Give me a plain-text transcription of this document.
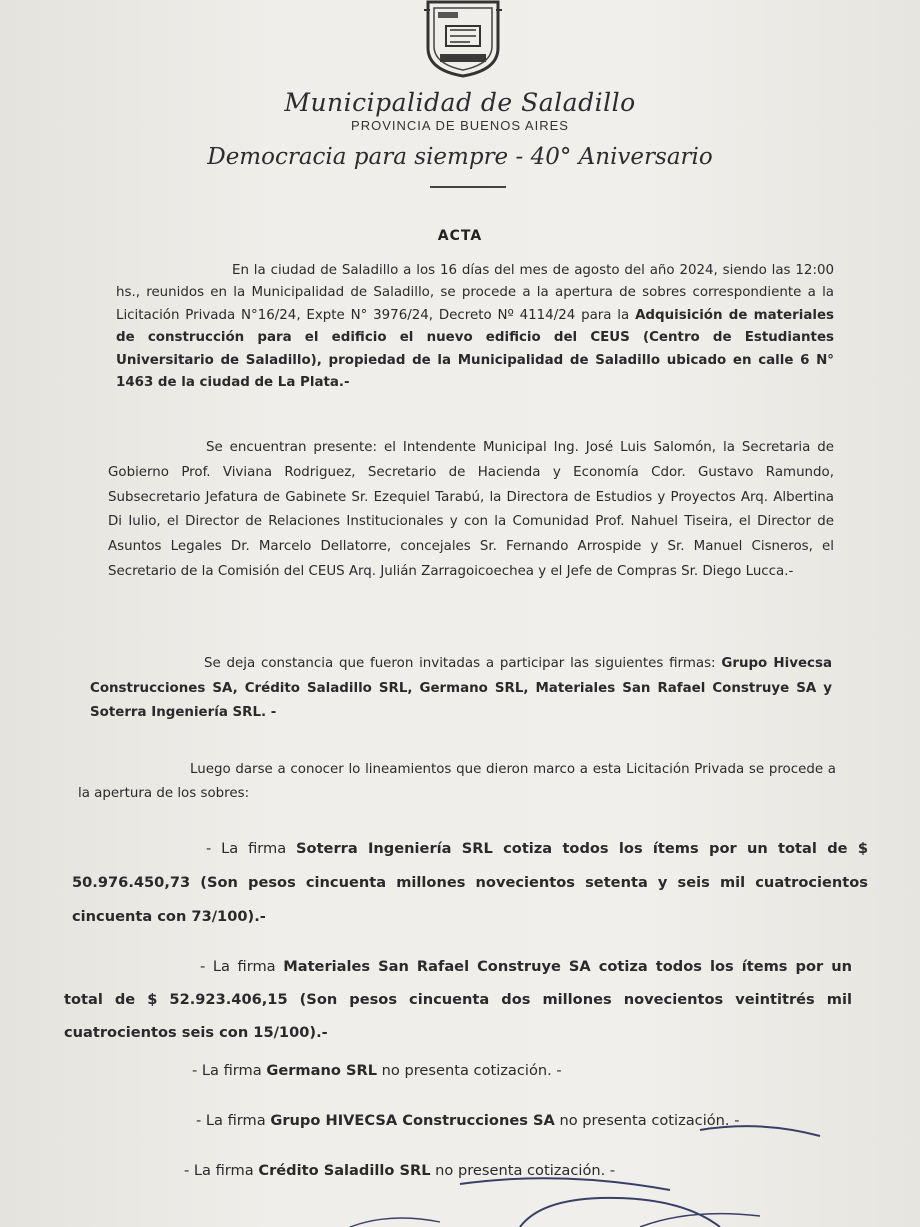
Municipalidad de Saladillo
PROVINCIA DE BUENOS AIRES
Democracia para siempre - 40° Aniversario
ACTA
En la ciudad de Saladillo a los 16 días del mes de agosto del año 2024, siendo las 12:00 hs., reunidos en la Municipalidad de Saladillo, se procede a la apertura de sobres correspondiente a la Licitación Privada N°16/24, Expte N° 3976/24, Decreto Nº 4114/24 para la Adquisición de materiales de construcción para el edificio el nuevo edificio del CEUS (Centro de Estudiantes Universitario de Saladillo), propiedad de la Municipalidad de Saladillo ubicado en calle 6 N° 1463 de la ciudad de La Plata.-
Se encuentran presente: el Intendente Municipal Ing. José Luis Salomón, la Secretaria de Gobierno Prof. Viviana Rodriguez, Secretario de Hacienda y Economía Cdor. Gustavo Ramundo, Subsecretario Jefatura de Gabinete Sr. Ezequiel Tarabú, la Directora de Estudios y Proyectos Arq. Albertina Di Iulio, el Director de Relaciones Institucionales y con la Comunidad Prof. Nahuel Tiseira, el Director de Asuntos Legales Dr. Marcelo Dellatorre, concejales Sr. Fernando Arrospide y Sr. Manuel Cisneros, el Secretario de la Comisión del CEUS Arq. Julián Zarragoicoechea y el Jefe de Compras Sr. Diego Lucca.-
Se deja constancia que fueron invitadas a participar las siguientes firmas: Grupo Hivecsa Construcciones SA, Crédito Saladillo SRL, Germano SRL, Materiales San Rafael Construye SA y Soterra Ingeniería SRL. -
Luego darse a conocer lo lineamientos que dieron marco a esta Licitación Privada se procede a la apertura de los sobres:
- La firma Soterra Ingeniería SRL cotiza todos los ítems por un total de $ 50.976.450,73 (Son pesos cincuenta millones novecientos setenta y seis mil cuatrocientos cincuenta con 73/100).-
- La firma Materiales San Rafael Construye SA cotiza todos los ítems por un total de $ 52.923.406,15 (Son pesos cincuenta dos millones novecientos veintitrés mil cuatrocientos seis con 15/100).-
- La firma Germano SRL no presenta cotización. -
- La firma Grupo HIVECSA Construcciones SA no presenta cotización. -
- La firma Crédito Saladillo SRL no presenta cotización. -
